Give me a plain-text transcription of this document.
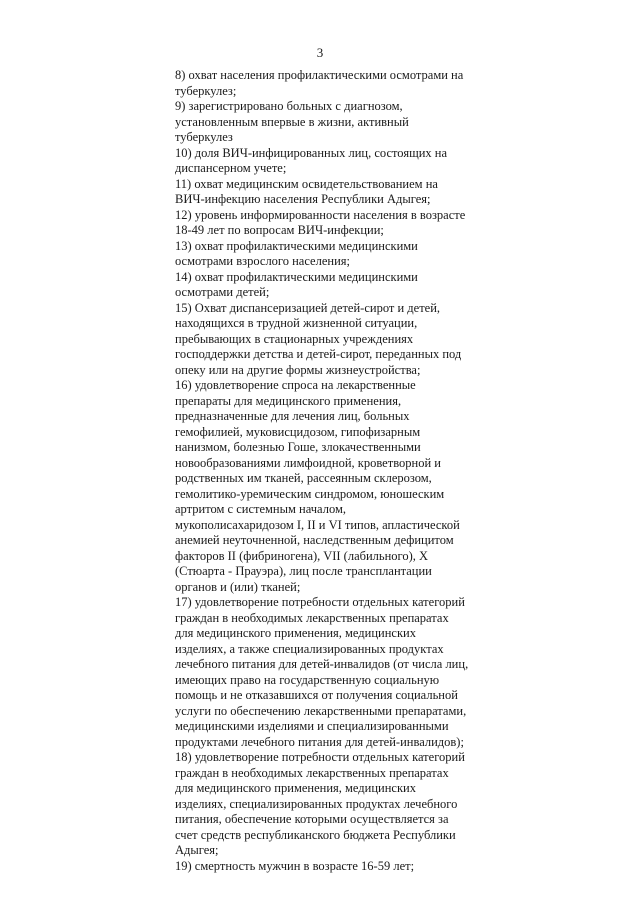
3
8) охват населения профилактическими осмотрами на
туберкулез;
9) зарегистрировано больных с диагнозом,
установленным впервые в жизни, активный
туберкулез
10) доля ВИЧ-инфицированных лиц, состоящих на
диспансерном учете;
11) охват медицинским освидетельствованием на
ВИЧ-инфекцию населения Республики Адыгея;
12) уровень информированности населения в возрасте
18-49 лет по вопросам ВИЧ-инфекции;
13) охват профилактическими медицинскими
осмотрами взрослого населения;
14) охват профилактическими медицинскими
осмотрами детей;
15) Охват диспансеризацией детей-сирот и детей,
находящихся в трудной жизненной ситуации,
пребывающих в стационарных учреждениях
господдержки детства и детей-сирот, переданных под
опеку или на другие формы жизнеустройства;
16) удовлетворение спроса на лекарственные
препараты для медицинского применения,
предназначенные для лечения лиц, больных
гемофилией, муковисцидозом, гипофизарным
нанизмом, болезнью Гоше, злокачественными
новообразованиями лимфоидной, кроветворной и
родственных им тканей, рассеянным склерозом,
гемолитико-уремическим синдромом, юношеским
артритом с системным началом,
мукополисахаридозом I, II и VI типов, апластической
анемией неуточненной, наследственным дефицитом
факторов II (фибриногена), VII (лабильного), X
(Стюарта - Прауэра), лиц после трансплантации
органов и (или) тканей;
17) удовлетворение потребности отдельных категорий
граждан в необходимых лекарственных препаратах
для медицинского применения, медицинских
изделиях, а также специализированных продуктах
лечебного питания для детей-инвалидов (от числа лиц,
имеющих право на государственную социальную
помощь и не отказавшихся от получения социальной
услуги по обеспечению лекарственными препаратами,
медицинскими изделиями и специализированными
продуктами лечебного питания для детей-инвалидов);
18) удовлетворение потребности отдельных категорий
граждан в необходимых лекарственных препаратах
для медицинского применения, медицинских
изделиях, специализированных продуктах лечебного
питания, обеспечение которыми осуществляется за
счет средств республиканского бюджета Республики
Адыгея;
19) смертность мужчин в возрасте 16-59 лет;
